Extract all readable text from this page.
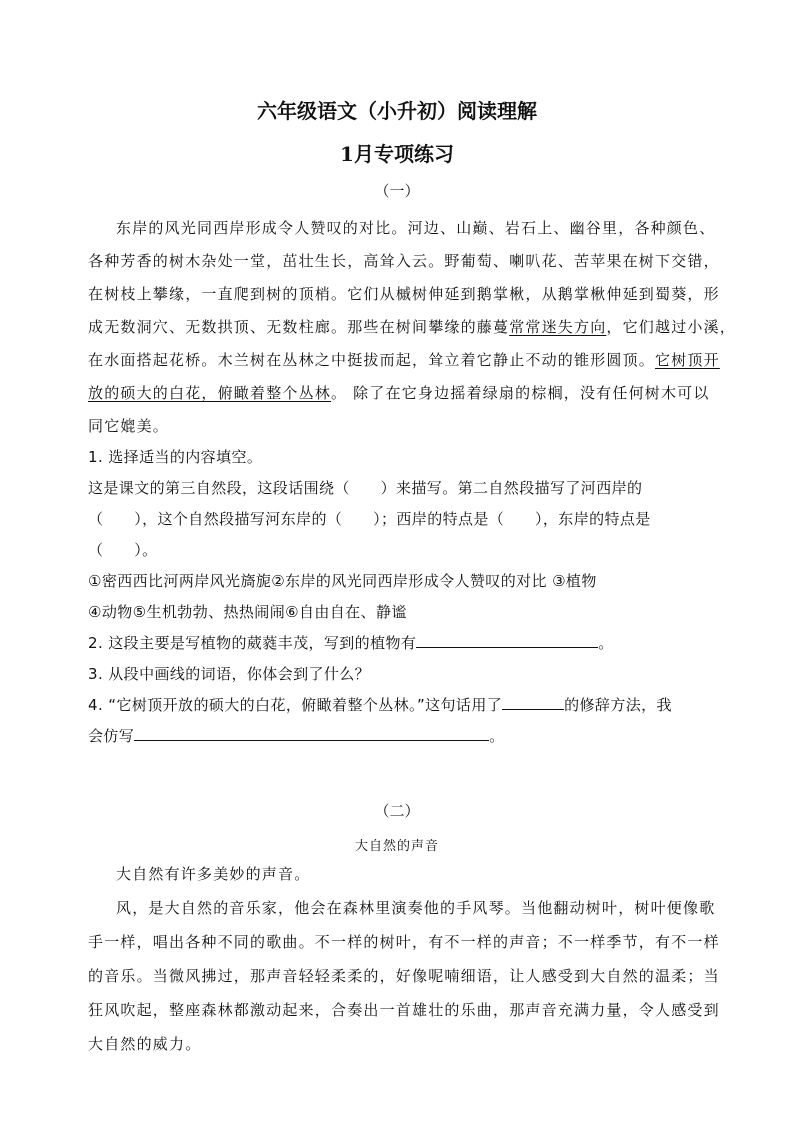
六年级语文（小升初）阅读理解
1月专项练习
（一）
东岸的风光同西岸形成令人赞叹的对比。河边、山巅、岩石上、幽谷里，各种颜色、
各种芳香的树木杂处一堂，茁壮生长，高耸入云。野葡萄、喇叭花、苦苹果在树下交错，
在树枝上攀缘，一直爬到树的顶梢。它们从槭树伸延到鹅掌楸，从鹅掌楸伸延到蜀葵，形
成无数洞穴、无数拱顶、无数柱廊。那些在树间攀缘的藤蔓常常迷失方向，它们越过小溪，
在水面搭起花桥。木兰树在丛林之中挺拔而起，耸立着它静止不动的锥形圆顶。它树顶开
放的硕大的白花，俯瞰着整个丛林。 除了在它身边摇着绿扇的棕榈，没有任何树木可以
同它媲美。
1. 选择适当的内容填空。
这是课文的第三自然段，这段话围绕（　　）来描写。第二自然段描写了河西岸的
（　　），这个自然段描写河东岸的（　　）；西岸的特点是（　　），东岸的特点是
（　　）。
①密西西比河两岸风光旖旎②东岸的风光同西岸形成令人赞叹的对比 ③植物
④动物⑤生机勃勃、热热闹闹⑥自由自在、静谧
2. 这段主要是写植物的葳蕤丰茂，写到的植物有	。
3. 从段中画线的词语，你体会到了什么？
4. “它树顶开放的硕大的白花，俯瞰着整个丛林。”这句话用了	的修辞方法，我
会仿写	。
（二）
大自然的声音
大自然有许多美妙的声音。
风，是大自然的音乐家，他会在森林里演奏他的手风琴。当他翻动树叶，树叶便像歌
手一样，唱出各种不同的歌曲。不一样的树叶，有不一样的声音；不一样季节，有不一样
的音乐。当微风拂过，那声音轻轻柔柔的，好像呢喃细语，让人感受到大自然的温柔；当
狂风吹起，整座森林都激动起来，合奏出一首雄壮的乐曲，那声音充满力量，令人感受到
大自然的威力。
